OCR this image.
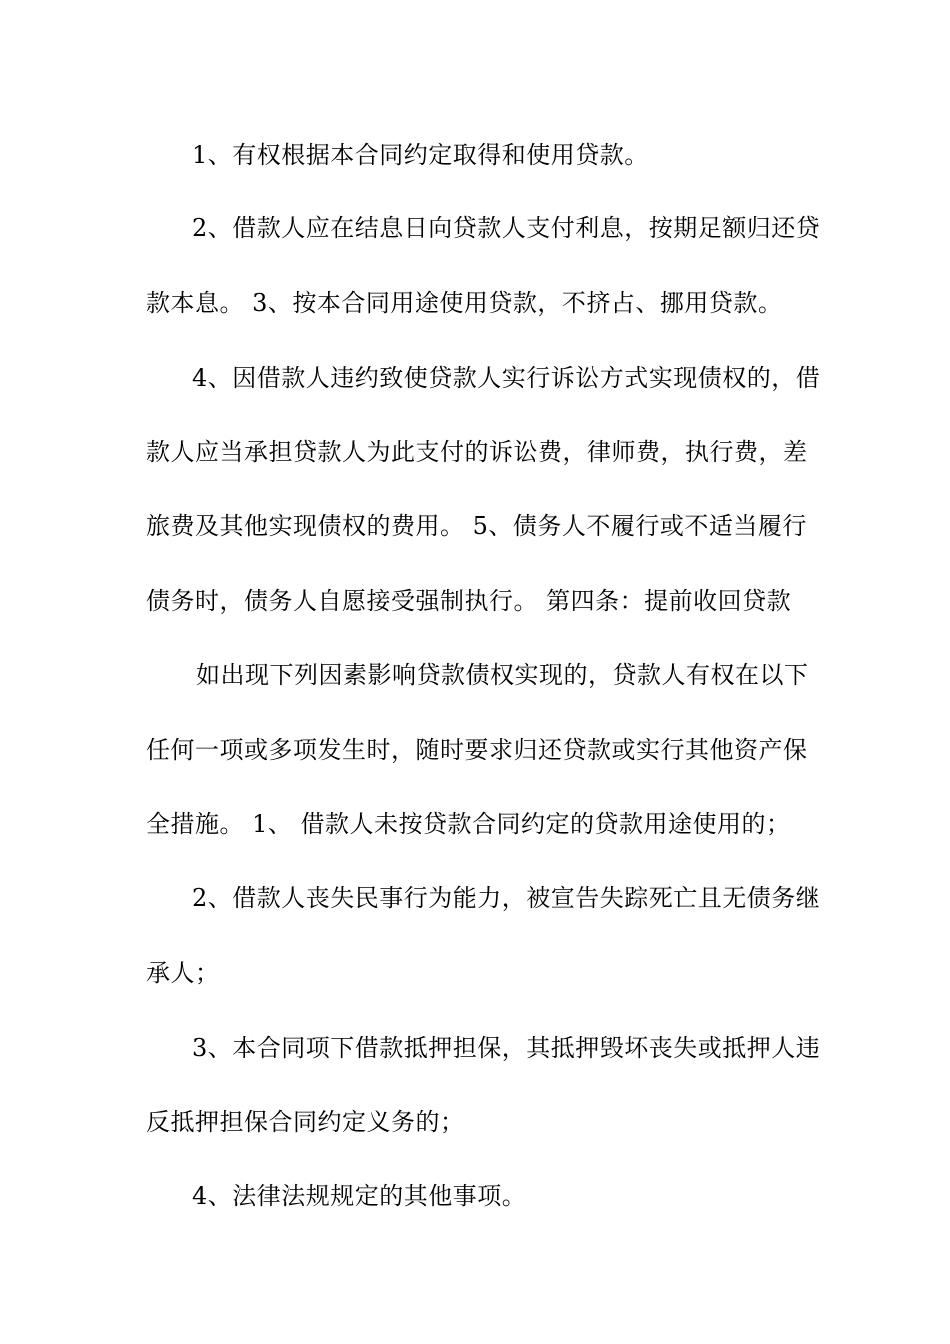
1、有权根据本合同约定取得和使用贷款。
2、借款人应在结息日向贷款人支付利息，按期足额归还贷
款本息。 3、按本合同用途使用贷款，不挤占、挪用贷款。
4、因借款人违约致使贷款人实行诉讼方式实现债权的，借
款人应当承担贷款人为此支付的诉讼费，律师费，执行费，差
旅费及其他实现债权的费用。 5、债务人不履行或不适当履行
债务时，债务人自愿接受强制执行。 第四条：提前收回贷款
如出现下列因素影响贷款债权实现的，贷款人有权在以下
任何一项或多项发生时，随时要求归还贷款或实行其他资产保
全措施。 1、 借款人未按贷款合同约定的贷款用途使用的；
2、借款人丧失民事行为能力，被宣告失踪死亡且无债务继
承人；
3、本合同项下借款抵押担保，其抵押毁坏丧失或抵押人违
反抵押担保合同约定义务的；
4、法律法规规定的其他事项。
